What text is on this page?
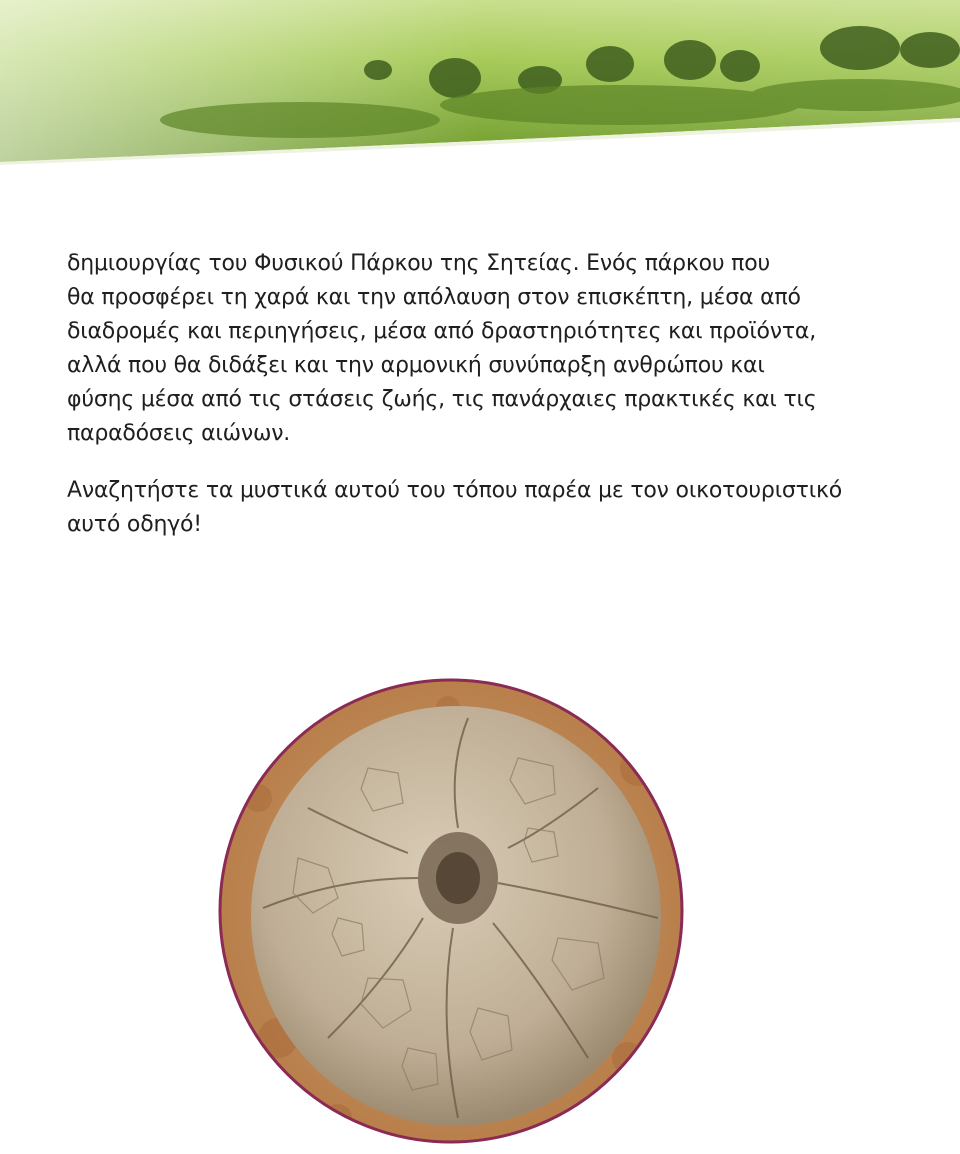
δημιουργίας του Φυσικού Πάρκου της Σητείας. Ενός πάρκου που
θα προσφέρει τη χαρά και την απόλαυση στον επισκέπτη, μέσα από
διαδρομές και περιηγήσεις, μέσα από δραστηριότητες και προϊόντα,
αλλά που θα διδάξει και την αρμονική συνύπαρξη ανθρώπου και
φύσης μέσα από τις στάσεις ζωής, τις πανάρχαιες πρακτικές και τις
παραδόσεις αιώνων.
Αναζητήστε τα μυστικά αυτού του τόπου παρέα με τον οικοτουριστικό
αυτό οδηγό!
